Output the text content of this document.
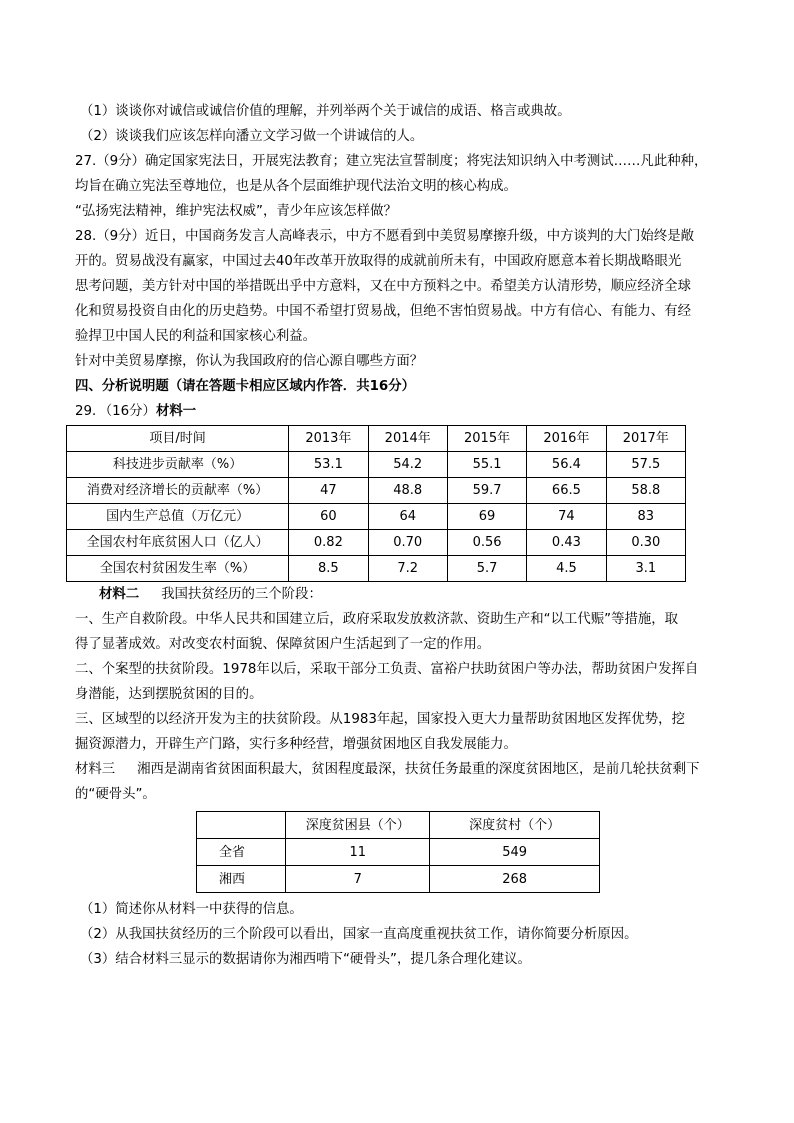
（1）谈谈你对诚信或诚信价值的理解，并列举两个关于诚信的成语、格言或典故。
（2）谈谈我们应该怎样向潘立文学习做一个讲诚信的人。
27.（9分）确定国家宪法日，开展宪法教育；建立宪法宣誓制度；将宪法知识纳入中考测试……凡此种种，
均旨在确立宪法至尊地位，也是从各个层面维护现代法治文明的核心构成。
“弘扬宪法精神，维护宪法权威”，青少年应该怎样做？
28.（9分）近日，中国商务发言人高峰表示，中方不愿看到中美贸易摩擦升级，中方谈判的大门始终是敞
开的。贸易战没有赢家，中国过去40年改革开放取得的成就前所未有，中国政府愿意本着长期战略眼光
思考问题，美方针对中国的举措既出乎中方意料，又在中方预料之中。希望美方认清形势，顺应经济全球
化和贸易投资自由化的历史趋势。中国不希望打贸易战，但绝不害怕贸易战。中方有信心、有能力、有经
验捍卫中国人民的利益和国家核心利益。
针对中美贸易摩擦，你认为我国政府的信心源自哪些方面？
四、分析说明题（请在答题卡相应区域内作答．共16分）
29．（16分）材料一
项目/时间	2013年	2014年	2015年	2016年	2017年
科技进步贡献率（%）	53.1	54.2	55.1	56.4	57.5
消费对经济增长的贡献率（%）	47	48.8	59.7	66.5	58.8
国内生产总值（万亿元）	60	64	69	74	83
全国农村年底贫困人口（亿人）	0.82	0.70	0.56	0.43	0.30
全国农村贫困发生率（%）	8.5	7.2	5.7	4.5	3.1
材料二 我国扶贫经历的三个阶段：
一、生产自救阶段。中华人民共和国建立后，政府采取发放救济款、资助生产和“以工代赈”等措施，取
得了显著成效。对改变农村面貌、保障贫困户生活起到了一定的作用。
二、个案型的扶贫阶段。1978年以后，采取干部分工负责、富裕户扶助贫困户等办法，帮助贫困户发挥自
身潜能，达到摆脱贫困的目的。
三、区域型的以经济开发为主的扶贫阶段。从1983年起，国家投入更大力量帮助贫困地区发挥优势，挖
掘资源潜力，开辟生产门路，实行多种经营，增强贫困地区自我发展能力。
材料三 湘西是湖南省贫困面积最大，贫困程度最深，扶贫任务最重的深度贫困地区，是前几轮扶贫剩下
的“硬骨头”。
	深度贫困县（个）	深度贫村（个）
全省	11	549
湘西	7	268
（1）简述你从材料一中获得的信息。
（2）从我国扶贫经历的三个阶段可以看出，国家一直高度重视扶贫工作，请你简要分析原因。
（3）结合材料三显示的数据请你为湘西啃下“硬骨头”，提几条合理化建议。
